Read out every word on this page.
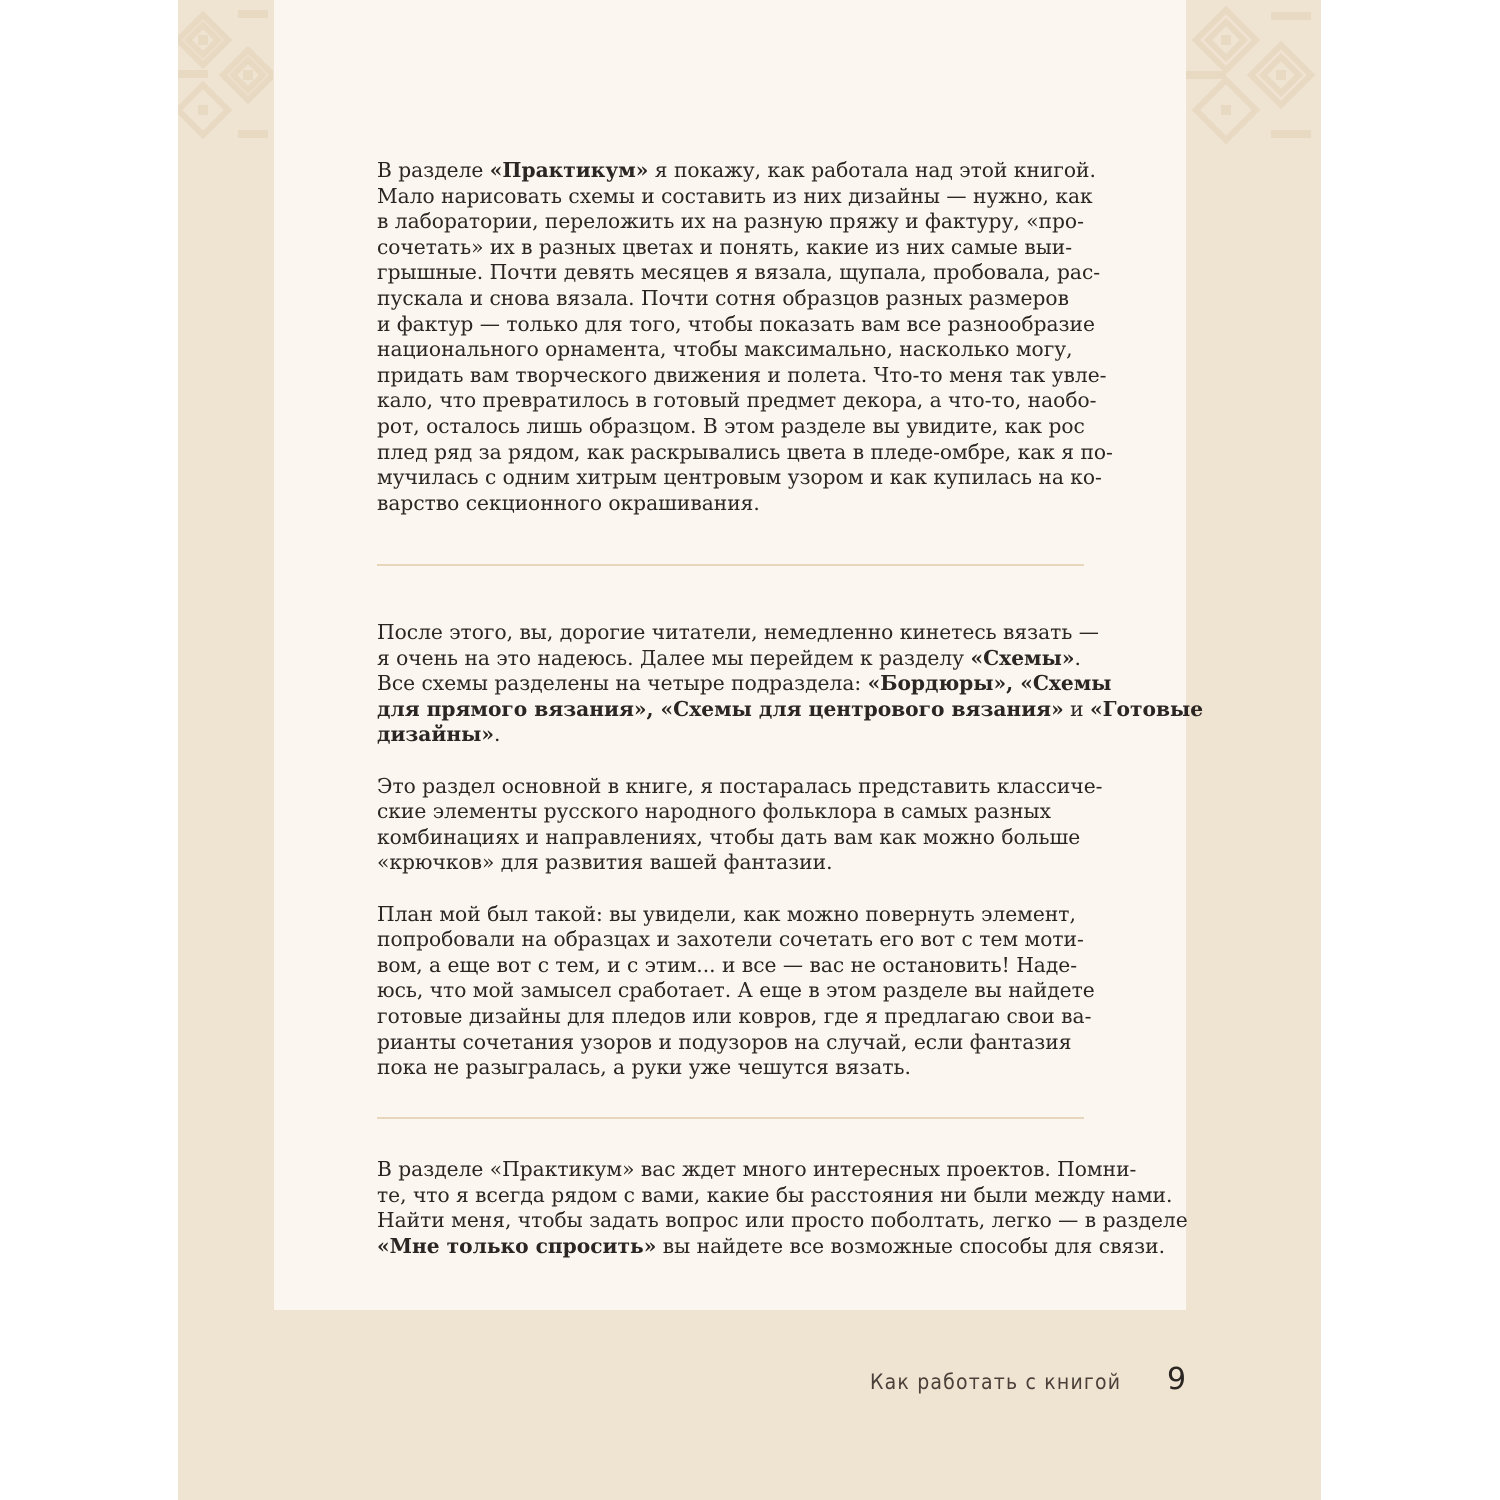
В разделе «Практикум» я покажу, как работала над этой книгой.
Мало нарисовать схемы и составить из них дизайны — нужно, как
в лаборатории, переложить их на разную пряжу и фактуру, «про-
сочетать» их в разных цветах и понять, какие из них самые выи-
грышные. Почти девять месяцев я вязала, щупала, пробовала, рас-
пускала и снова вязала. Почти сотня образцов разных размеров
и фактур — только для того, чтобы показать вам все разнообразие
национального орнамента, чтобы максимально, насколько могу,
придать вам творческого движения и полета. Что-то меня так увле-
кало, что превратилось в готовый предмет декора, а что-то, наобо-
рот, осталось лишь образцом. В этом разделе вы увидите, как рос
плед ряд за рядом, как раскрывались цвета в пледе-омбре, как я по-
мучилась с одним хитрым центровым узором и как купилась на ко-
варство секционного окрашивания.
После этого, вы, дорогие читатели, немедленно кинетесь вязать —
я очень на это надеюсь. Далее мы перейдем к разделу «Схемы».
Все схемы разделены на четыре подраздела: «Бордюры», «Схемы
для прямого вязания», «Схемы для центрового вязания» и «Готовые
дизайны».
Это раздел основной в книге, я постаралась представить классиче-
ские элементы русского народного фольклора в самых разных
комбинациях и направлениях, чтобы дать вам как можно больше
«крючков» для развития вашей фантазии.
План мой был такой: вы увидели, как можно повернуть элемент,
попробовали на образцах и захотели сочетать его вот с тем моти-
вом, а еще вот с тем, и с этим... и все — вас не остановить! Наде-
юсь, что мой замысел сработает. А еще в этом разделе вы найдете
готовые дизайны для пледов или ковров, где я предлагаю свои ва-
рианты сочетания узоров и подузоров на случай, если фантазия
пока не разыгралась, а руки уже чешутся вязать.
В разделе «Практикум» вас ждет много интересных проектов. Помни-
те, что я всегда рядом с вами, какие бы расстояния ни были между нами.
Найти меня, чтобы задать вопрос или просто поболтать, легко — в разделе
«Мне только спросить» вы найдете все возможные способы для связи.
Как работать с книгой 9
